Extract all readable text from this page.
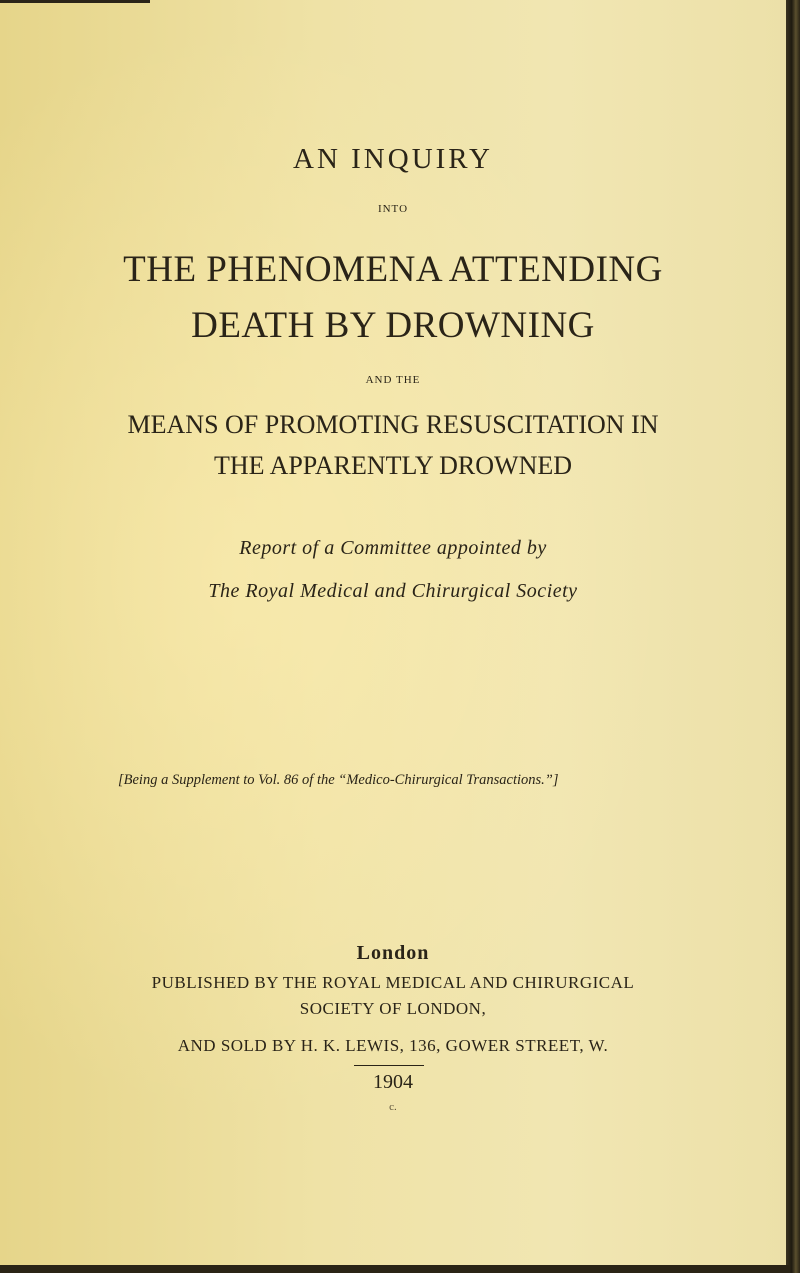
AN INQUIRY
INTO
THE PHENOMENA ATTENDING
DEATH BY DROWNING
AND THE
MEANS OF PROMOTING RESUSCITATION IN
THE APPARENTLY DROWNED
Report of a Committee appointed by
The Royal Medical and Chirurgical Society
[Being a Supplement to Vol. 86 of the “Medico-Chirurgical Transactions.”]
London
PUBLISHED BY THE ROYAL MEDICAL AND CHIRURGICAL
SOCIETY OF LONDON,
AND SOLD BY H. K. LEWIS, 136, GOWER STREET, W.
1904
c.
